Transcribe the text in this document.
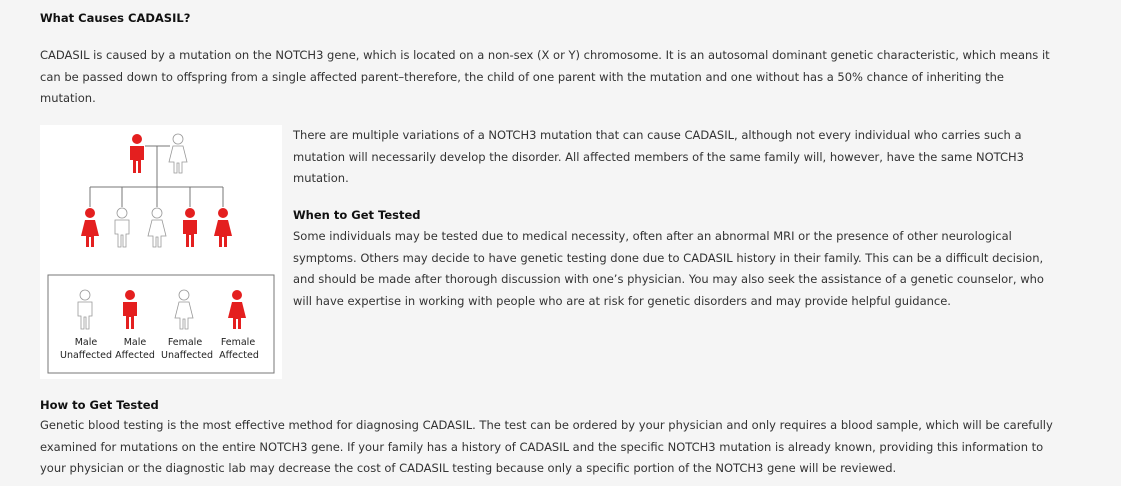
What Causes CADASIL?

CADASIL is caused by a mutation on the NOTCH3 gene, which is located on a non-sex (X or Y) chromosome. It is an autosomal dominant genetic characteristic, which means it can be passed down to offspring from a single affected parent–therefore, the child of one parent with the mutation and one without has a 50% chance of inheriting the mutation.

Male
Unaffected
Male
Affected
Female
Unaffected
Female
Affected

There are multiple variations of a NOTCH3 mutation that can cause CADASIL, although not every individual who carries such a mutation will necessarily develop the disorder. All affected members of the same family will, however, have the same NOTCH3 mutation.

When to Get Tested

Some individuals may be tested due to medical necessity, often after an abnormal MRI or the presence of other neurological symptoms. Others may decide to have genetic testing done due to CADASIL history in their family. This can be a difficult decision, and should be made after thorough discussion with one’s physician. You may also seek the assistance of a genetic counselor, who will have expertise in working with people who are at risk for genetic disorders and may provide helpful guidance.

How to Get Tested

Genetic blood testing is the most effective method for diagnosing CADASIL. The test can be ordered by your physician and only requires a blood sample, which will be carefully examined for mutations on the entire NOTCH3 gene. If your family has a history of CADASIL and the specific NOTCH3 mutation is already known, providing this information to your physician or the diagnostic lab may decrease the cost of CADASIL testing because only a specific portion of the NOTCH3 gene will be reviewed.
